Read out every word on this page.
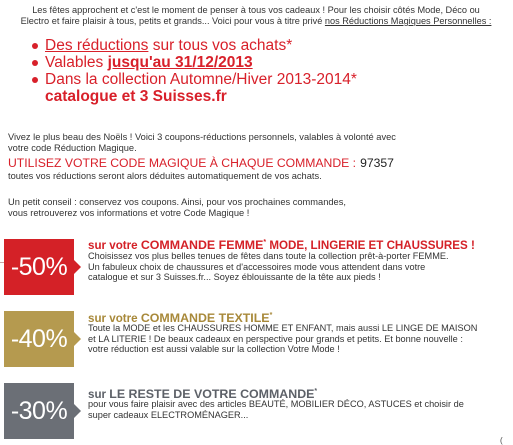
Les fêtes approchent et c'est le moment de penser à tous vos cadeaux ! Pour les choisir côtés Mode, Déco ou
Electro et faire plaisir à tous, petits et grands... Voici pour vous à titre privé nos Réductions Magiques Personnelles :
Des réductions sur tous vos achats*
Valables jusqu'au 31/12/2013
Dans la collection Automne/Hiver 2013-2014*
catalogue et 3 Suisses.fr
Vivez le plus beau des Noëls ! Voici 3 coupons-réductions personnels, valables à volonté avec
votre code Réduction Magique.
UTILISEZ VOTRE CODE MAGIQUE À CHAQUE COMMANDE : 97357
toutes vos réductions seront alors déduites automatiquement de vos achats.
Un petit conseil : conservez vos coupons. Ainsi, pour vos prochaines commandes,
vous retrouverez vos informations et votre Code Magique !
-50%
sur votre COMMANDE FEMME* MODE, LINGERIE ET CHAUSSURES !
Choisissez vos plus belles tenues de fêtes dans toute la collection prêt-à-porter FEMME.
Un fabuleux choix de chaussures et d'accessoires mode vous attendent dans votre
catalogue et sur 3 Suisses.fr... Soyez éblouissante de la tête aux pieds !
-40%
sur votre COMMANDE TEXTILE*
Toute la MODE et les CHAUSSURES HOMME ET ENFANT, mais aussi LE LINGE DE MAISON
et LA LITERIE ! De beaux cadeaux en perspective pour grands et petits. Et bonne nouvelle :
votre réduction est aussi valable sur la collection Votre Mode !
-30%
sur LE RESTE DE VOTRE COMMANDE*
pour vous faire plaisir avec des articles BEAUTÉ, MOBILIER DÉCO, ASTUCES et choisir de
super cadeaux ELECTROMÉNAGER...
(
